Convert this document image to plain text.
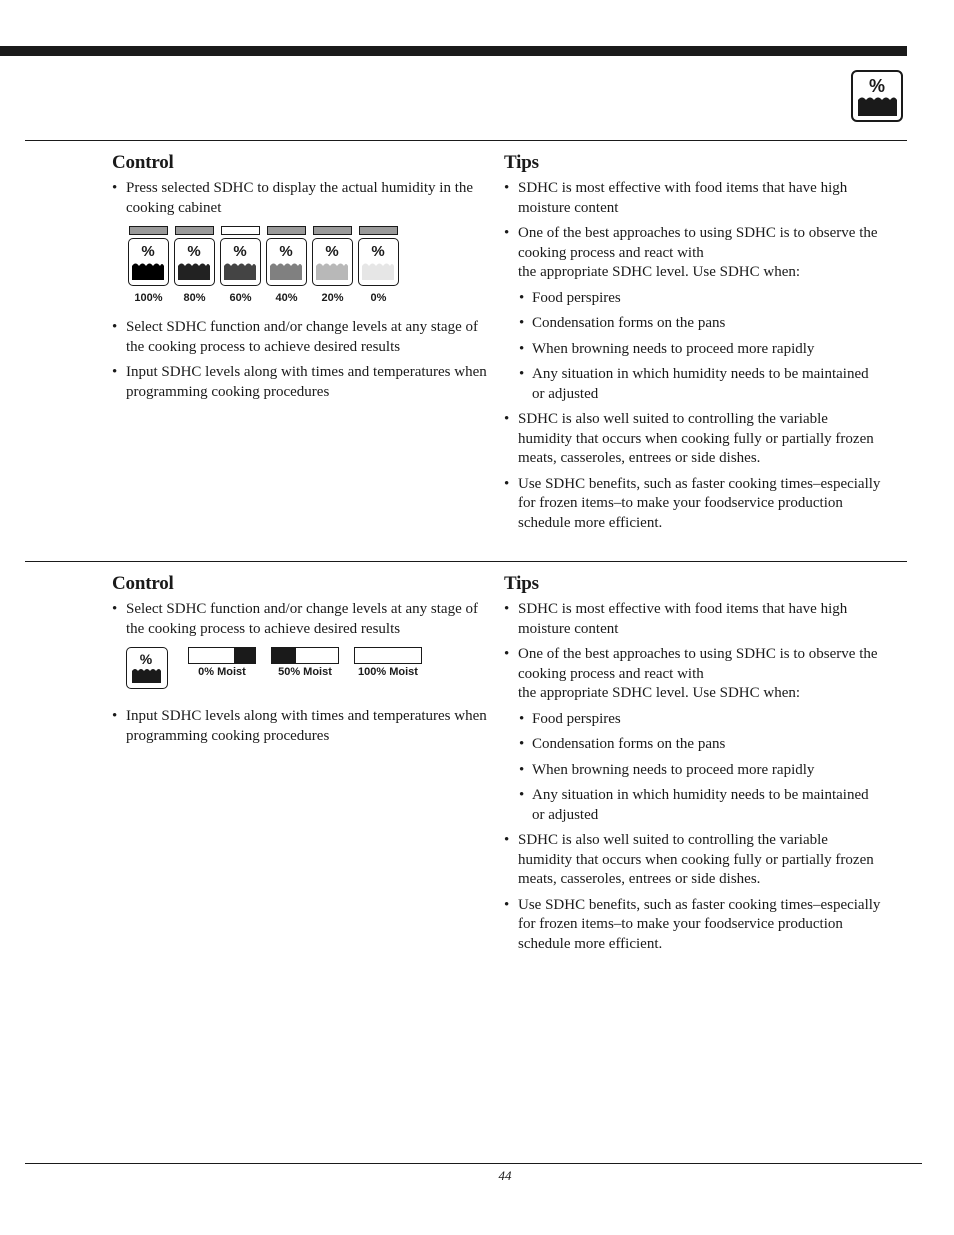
%
Control
• Press selected SDHC to display the actual humidity in the cooking cabinet
%
100%
%
80%
%
60%
%
40%
%
20%
%
0%
• Select SDHC function and/or change levels at any stage of the cooking process to achieve desired results
• Input SDHC levels along with times and temperatures when programming cooking procedures
Tips
• SDHC is most effective with food items that have high moisture content
• One of the best approaches to using SDHC is to observe the cooking process and react with
the appropriate SDHC level. Use SDHC when:
• Food perspires
• Condensation forms on the pans
• When browning needs to proceed more rapidly
• Any situation in which humidity needs to be maintained or adjusted
• SDHC is also well suited to controlling the variable humidity that occurs when cooking fully or partially frozen meats, casseroles, entrees or side dishes.
• Use SDHC benefits, such as faster cooking times–especially for frozen items–to make your foodservice production schedule more efficient.
Control
• Select SDHC function and/or change levels at any stage of the cooking process to achieve desired results
%
0% Moist	50% Moist 100% Moist
• Input SDHC levels along with times and temperatures when programming cooking procedures
Tips
• SDHC is most effective with food items that have high moisture content
• One of the best approaches to using SDHC is to observe the cooking process and react with
the appropriate SDHC level. Use SDHC when:
• Food perspires
• Condensation forms on the pans
• When browning needs to proceed more rapidly
• Any situation in which humidity needs to be maintained or adjusted
• SDHC is also well suited to controlling the variable humidity that occurs when cooking fully or partially frozen meats, casseroles, entrees or side dishes.
• Use SDHC benefits, such as faster cooking times–especially for frozen items–to make your foodservice production schedule more efficient.
44
